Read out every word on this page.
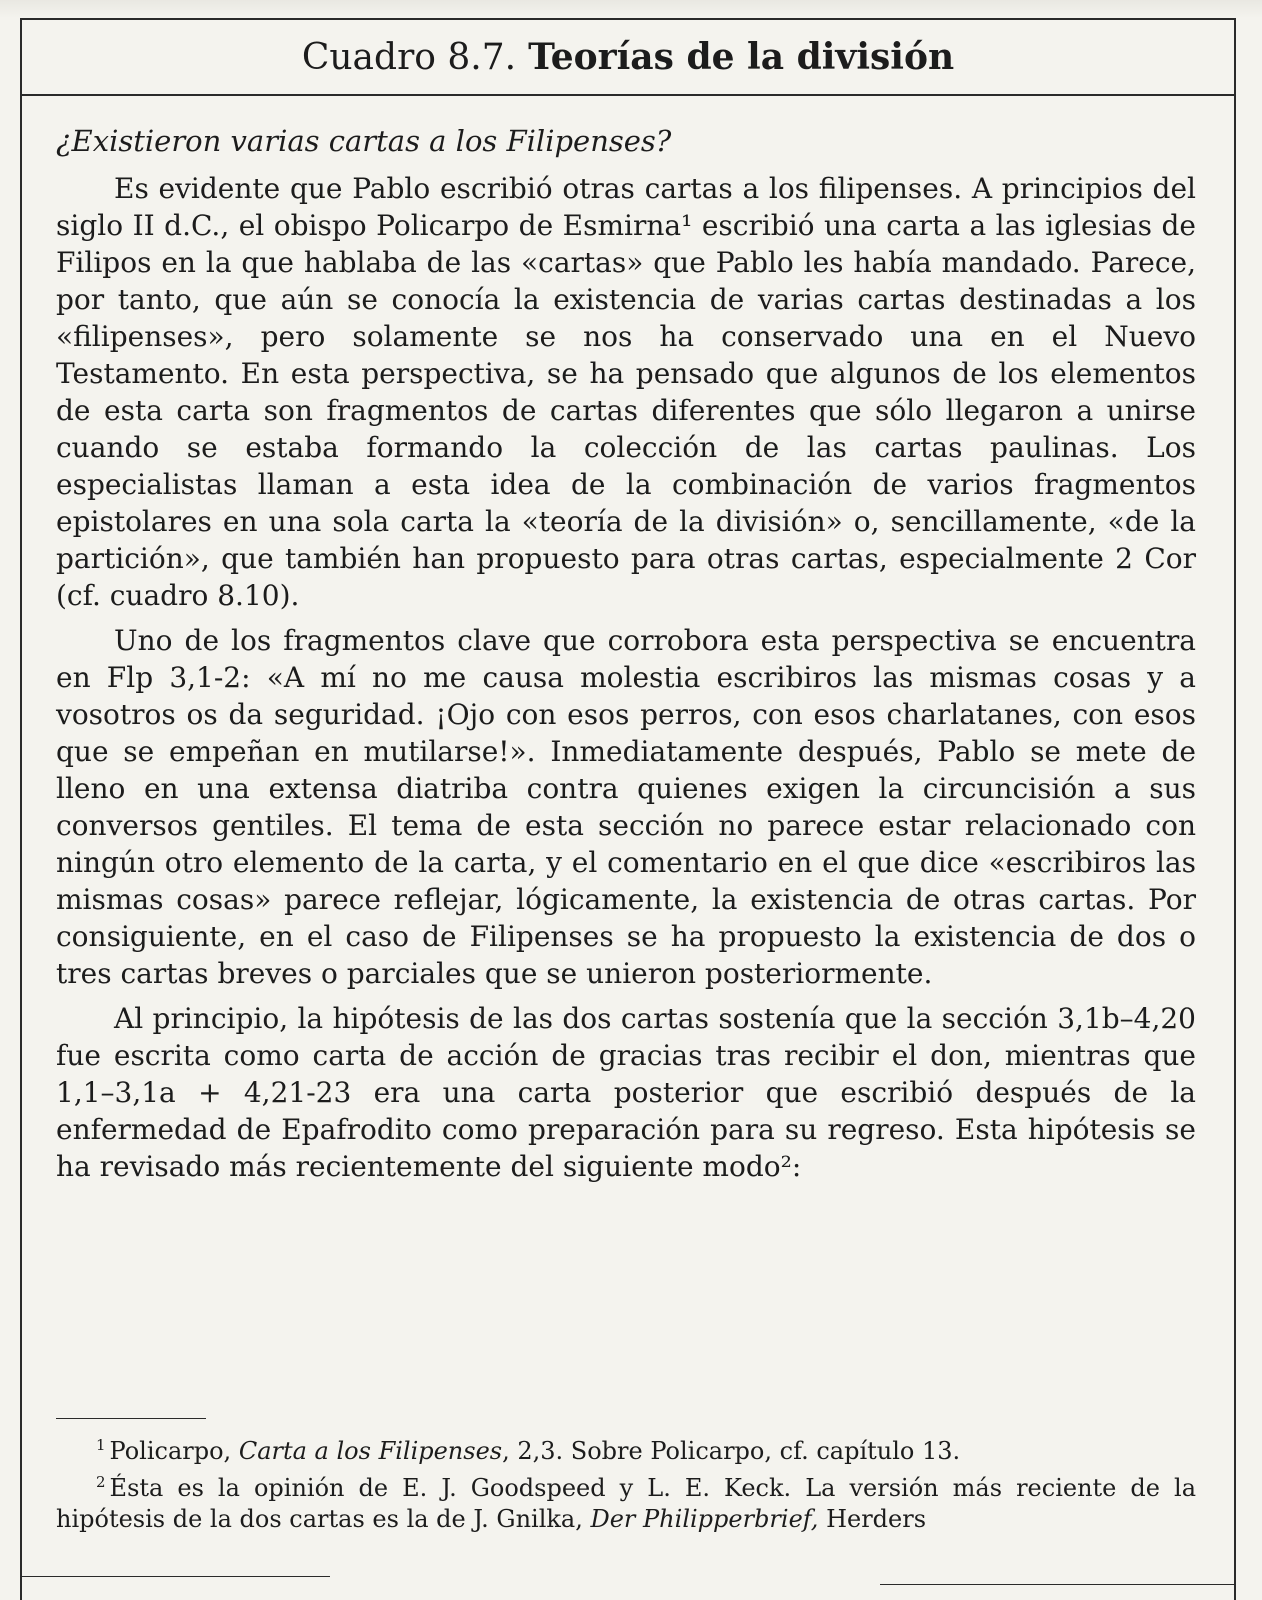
Cuadro 8.7. Teorías de la división

¿Existieron varias cartas a los Filipenses?

Es evidente que Pablo escribió otras cartas a los filipenses. A principios del siglo II d.C., el obispo Policarpo de Esmirna¹ escribió una carta a las iglesias de Filipos en la que hablaba de las «cartas» que Pablo les había mandado. Parece, por tanto, que aún se conocía la existencia de varias cartas destinadas a los «filipenses», pero solamente se nos ha conservado una en el Nuevo Testamento. En esta perspectiva, se ha pensado que algunos de los elementos de esta carta son fragmentos de cartas diferentes que sólo llegaron a unirse cuando se estaba formando la colección de las cartas paulinas. Los especialistas llaman a esta idea de la combinación de varios fragmentos epistolares en una sola carta la «teoría de la división» o, sencillamente, «de la partición», que también han propuesto para otras cartas, especialmente 2 Cor (cf. cuadro 8.10).

Uno de los fragmentos clave que corrobora esta perspectiva se encuentra en Flp 3,1-2: «A mí no me causa molestia escribiros las mismas cosas y a vosotros os da seguridad. ¡Ojo con esos perros, con esos charlatanes, con esos que se empeñan en mutilarse!». Inmediatamente después, Pablo se mete de lleno en una extensa diatriba contra quienes exigen la circuncisión a sus conversos gentiles. El tema de esta sección no parece estar relacionado con ningún otro elemento de la carta, y el comentario en el que dice «escribiros las mismas cosas» parece reflejar, lógicamente, la existencia de otras cartas. Por consiguiente, en el caso de Filipenses se ha propuesto la existencia de dos o tres cartas breves o parciales que se unieron posteriormente.

Al principio, la hipótesis de las dos cartas sostenía que la sección 3,1b–4,20 fue escrita como carta de acción de gracias tras recibir el don, mientras que 1,1–3,1a + 4,21-23 era una carta posterior que escribió después de la enfermedad de Epafrodito como preparación para su regreso. Esta hipótesis se ha revisado más recientemente del siguiente modo²:

$^1$ Policarpo, Carta a los Filipenses, 2,3. Sobre Policarpo, cf. capítulo 13.

$^2$ Ésta es la opinión de E. J. Goodspeed y L. E. Keck. La versión más reciente de la hipótesis de la dos cartas es la de J. Gnilka, Der Philipperbrief, Herders
